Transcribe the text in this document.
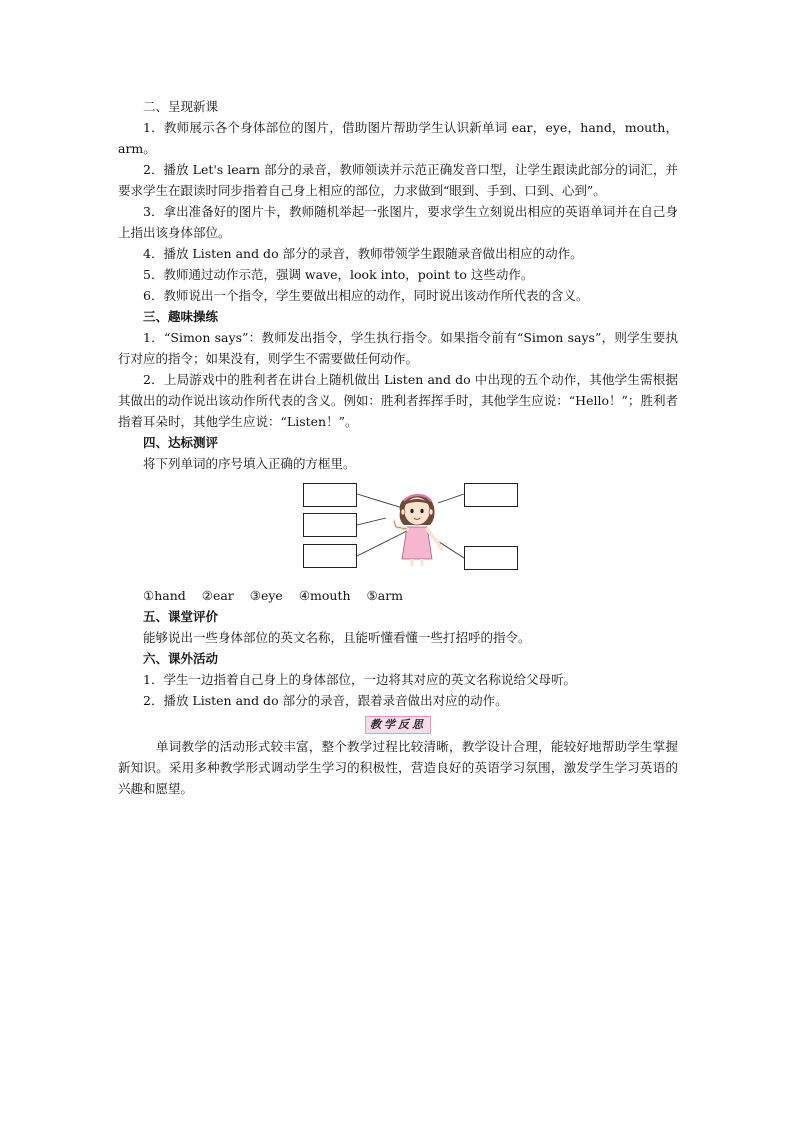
二、呈现新课

1．教师展示各个身体部位的图片，借助图片帮助学生认识新单词 ear，eye，hand，mouth，arm。

2．播放 Let's learn 部分的录音，教师领读并示范正确发音口型，让学生跟读此部分的词汇，并要求学生在跟读时同步指着自己身上相应的部位，力求做到“眼到、手到、口到、心到”。

3．拿出准备好的图片卡，教师随机举起一张图片，要求学生立刻说出相应的英语单词并在自己身上指出该身体部位。

4．播放 Listen and do 部分的录音，教师带领学生跟随录音做出相应的动作。

5．教师通过动作示范，强调 wave，look into，point to 这些动作。

6．教师说出一个指令，学生要做出相应的动作，同时说出该动作所代表的含义。

三、趣味操练

1．“Simon says”：教师发出指令，学生执行指令。如果指令前有“Simon says”，则学生要执行对应的指令；如果没有，则学生不需要做任何动作。

2．上局游戏中的胜利者在讲台上随机做出 Listen and do 中出现的五个动作，其他学生需根据其做出的动作说出该动作所代表的含义。例如：胜利者挥挥手时，其他学生应说：“Hello！”；胜利者指着耳朵时，其他学生应说：“Listen！”。

四、达标测评

将下列单词的序号填入正确的方框里。

①hand ②ear ③eye ④mouth ⑤arm

五、课堂评价

能够说出一些身体部位的英文名称，且能听懂看懂一些打招呼的指令。

六、课外活动

1．学生一边指着自己身上的身体部位，一边将其对应的英文名称说给父母听。

2．播放 Listen and do 部分的录音，跟着录音做出对应的动作。

教学反思

单词教学的活动形式较丰富，整个教学过程比较清晰，教学设计合理，能较好地帮助学生掌握新知识。采用多种教学形式调动学生学习的积极性，营造良好的英语学习氛围，激发学生学习英语的兴趣和愿望。
